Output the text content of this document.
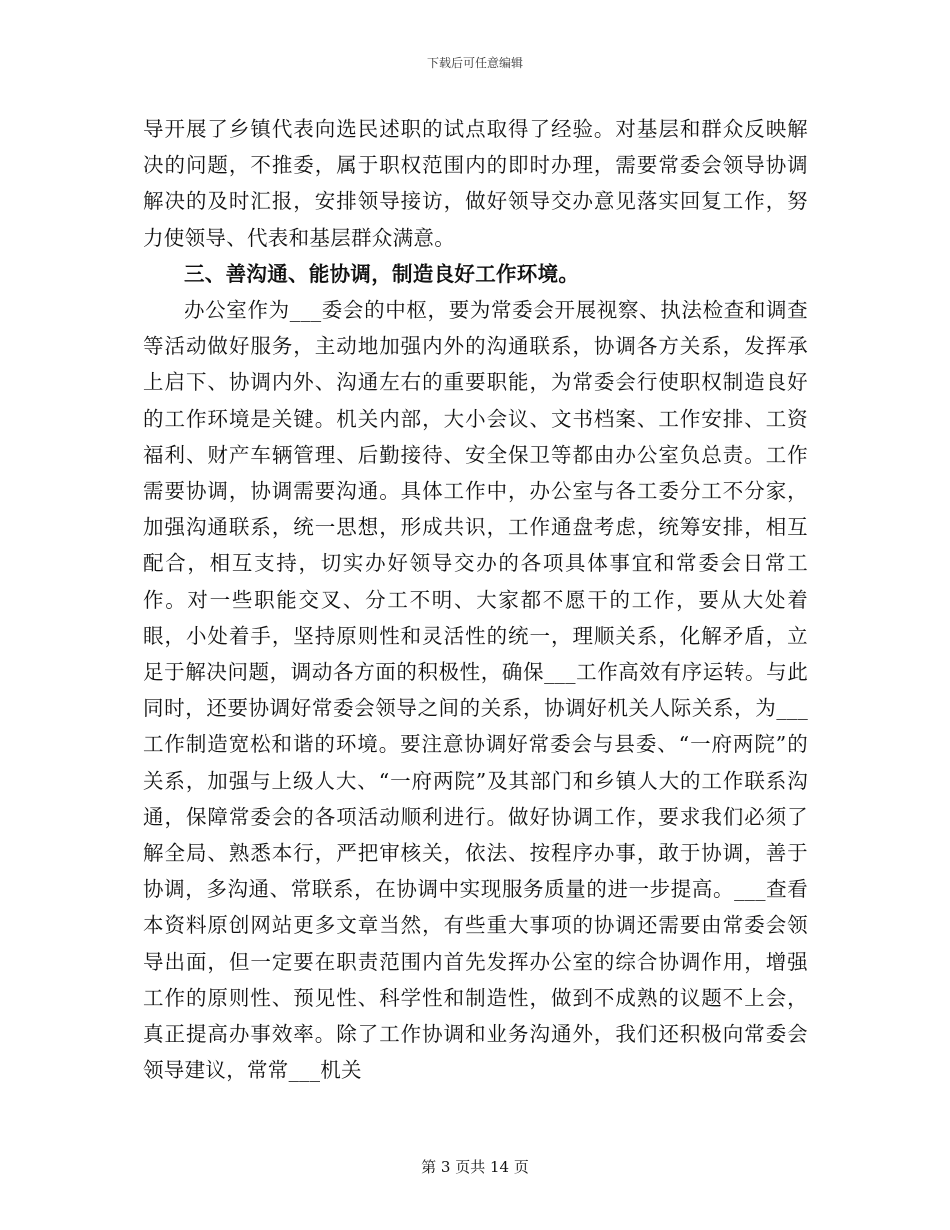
下载后可任意编辑

导开展了乡镇代表向选民述职的试点取得了经验。对基层和群众反映解决的问题，不推委，属于职权范围内的即时办理，需要常委会领导协调解决的及时汇报，安排领导接访，做好领导交办意见落实回复工作，努力使领导、代表和基层群众满意。

三、善沟通、能协调，制造良好工作环境。

办公室作为___委会的中枢，要为常委会开展视察、执法检查和调查等活动做好服务，主动地加强内外的沟通联系，协调各方关系，发挥承上启下、协调内外、沟通左右的重要职能，为常委会行使职权制造良好的工作环境是关键。机关内部，大小会议、文书档案、工作安排、工资福利、财产车辆管理、后勤接待、安全保卫等都由办公室负总责。工作需要协调，协调需要沟通。具体工作中，办公室与各工委分工不分家，加强沟通联系，统一思想，形成共识，工作通盘考虑，统筹安排，相互配合，相互支持，切实办好领导交办的各项具体事宜和常委会日常工作。对一些职能交叉、分工不明、大家都不愿干的工作，要从大处着眼，小处着手，坚持原则性和灵活性的统一，理顺关系，化解矛盾，立足于解决问题，调动各方面的积极性，确保___工作高效有序运转。与此同时，还要协调好常委会领导之间的关系，协调好机关人际关系，为___工作制造宽松和谐的环境。要注意协调好常委会与县委、“一府两院”的关系，加强与上级人大、“一府两院”及其部门和乡镇人大的工作联系沟通，保障常委会的各项活动顺利进行。做好协调工作，要求我们必须了解全局、熟悉本行，严把审核关，依法、按程序办事，敢于协调，善于协调，多沟通、常联系，在协调中实现服务质量的进一步提高。___查看本资料原创网站更多文章当然，有些重大事项的协调还需要由常委会领导出面，但一定要在职责范围内首先发挥办公室的综合协调作用，增强工作的原则性、预见性、科学性和制造性，做到不成熟的议题不上会，真正提高办事效率。除了工作协调和业务沟通外，我们还积极向常委会领导建议，常常___机关

第 3 页共 14 页
